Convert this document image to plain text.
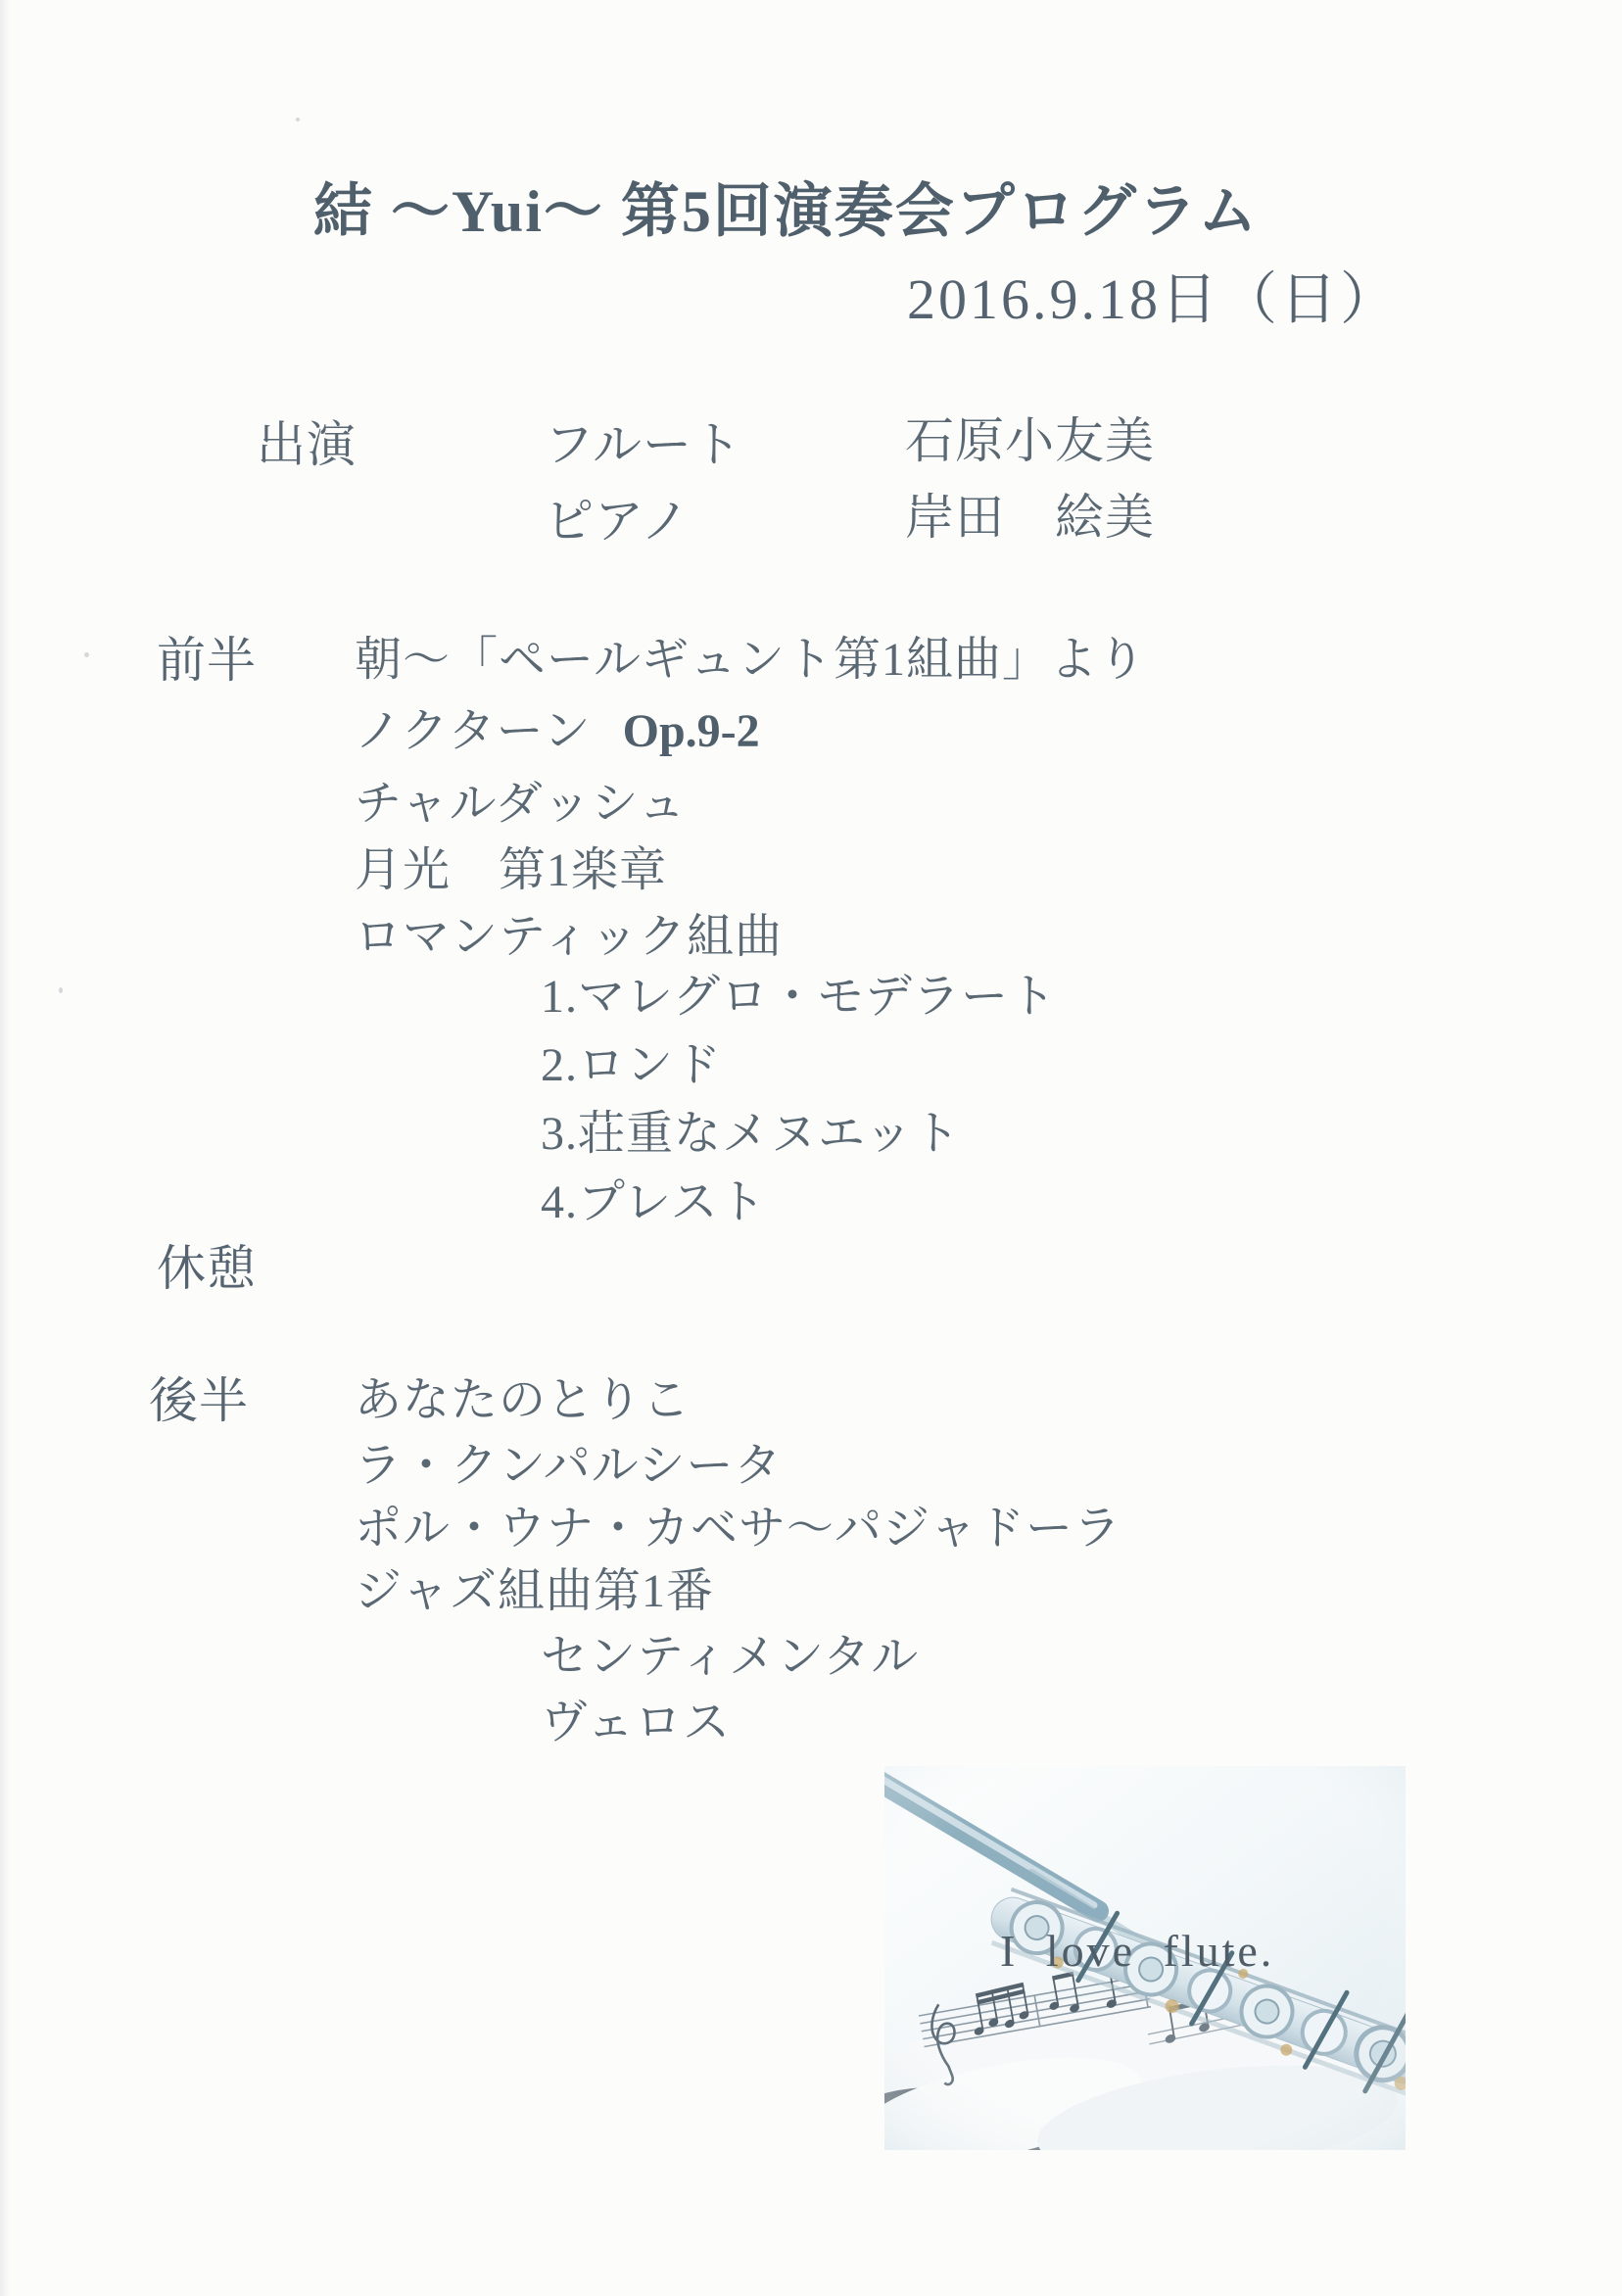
結 ～Yui～ 第5回演奏会プログラム
2016.9.18日（日）
出演	フルート	石原小友美
ピアノ	岸田　絵美
前半 朝～「ペールギュント第1組曲」より
ノクターン Op.9-2
チャルダッシュ
月光　第1楽章
ロマンティック組曲
1.マレグロ・モデラート
2.ロンド
3.荘重なメヌエット
4.プレスト
休憩
後半 あなたのとりこ
ラ・クンパルシータ
ポル・ウナ・カベサ～パジャドーラ
ジャズ組曲第1番
センティメンタル
ヴェロス
I love flute.
